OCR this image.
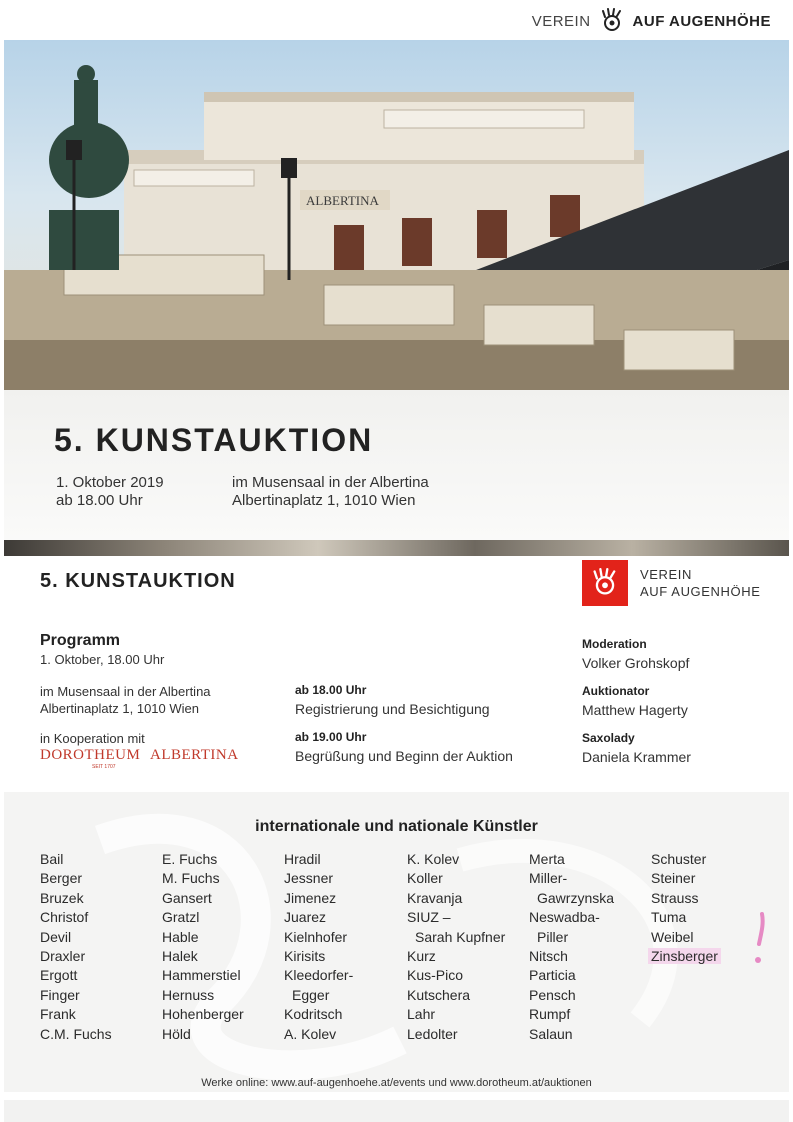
VEREIN	AUF AUGENHÖHE
ALBERTINA
5. KUNSTAUKTION
1. Oktober 2019
ab 18.00 Uhr
im Musensaal in der Albertina
Albertinaplatz 1, 1010 Wien
5. KUNSTAUKTION	VEREIN
AUF AUGENHÖHE
Programm
1. Oktober, 18.00 Uhr
im Musensaal in der Albertina
Albertinaplatz 1, 1010 Wien
in Kooperation mit
DOROTHEUM
SEIT 1707
ALBERTINA
ab 18.00 Uhr
Registrierung und Besichtigung
ab 19.00 Uhr
Begrüßung und Beginn der Auktion
Moderation
Volker Grohskopf
Auktionator
Matthew Hagerty
Saxolady
Daniela Krammer
internationale und nationale Künstler
Bail
Berger
Bruzek
Christof
Devil
Draxler
Ergott
Finger
Frank
C.M. Fuchs
E. Fuchs
M. Fuchs
Gansert
Gratzl
Hable
Halek
Hammerstiel
Hernuss
Hohenberger
Höld
Hradil
Jessner
Jimenez
Juarez
Kielnhofer
Kirisits
Kleedorfer-
Egger
Kodritsch
A. Kolev
K. Kolev
Koller
Kravanja
SIUZ –
Sarah Kupfner
Kurz
Kus-Pico
Kutschera
Lahr
Ledolter
Merta
Miller-
Gawrzynska
Neswadba-
Piller
Nitsch
Particia
Pensch
Rumpf
Salaun
Schuster
Steiner
Strauss
Tuma
Weibel
Zinsberger
Werke online: www.auf-augenhoehe.at/events und www.dorotheum.at/auktionen
